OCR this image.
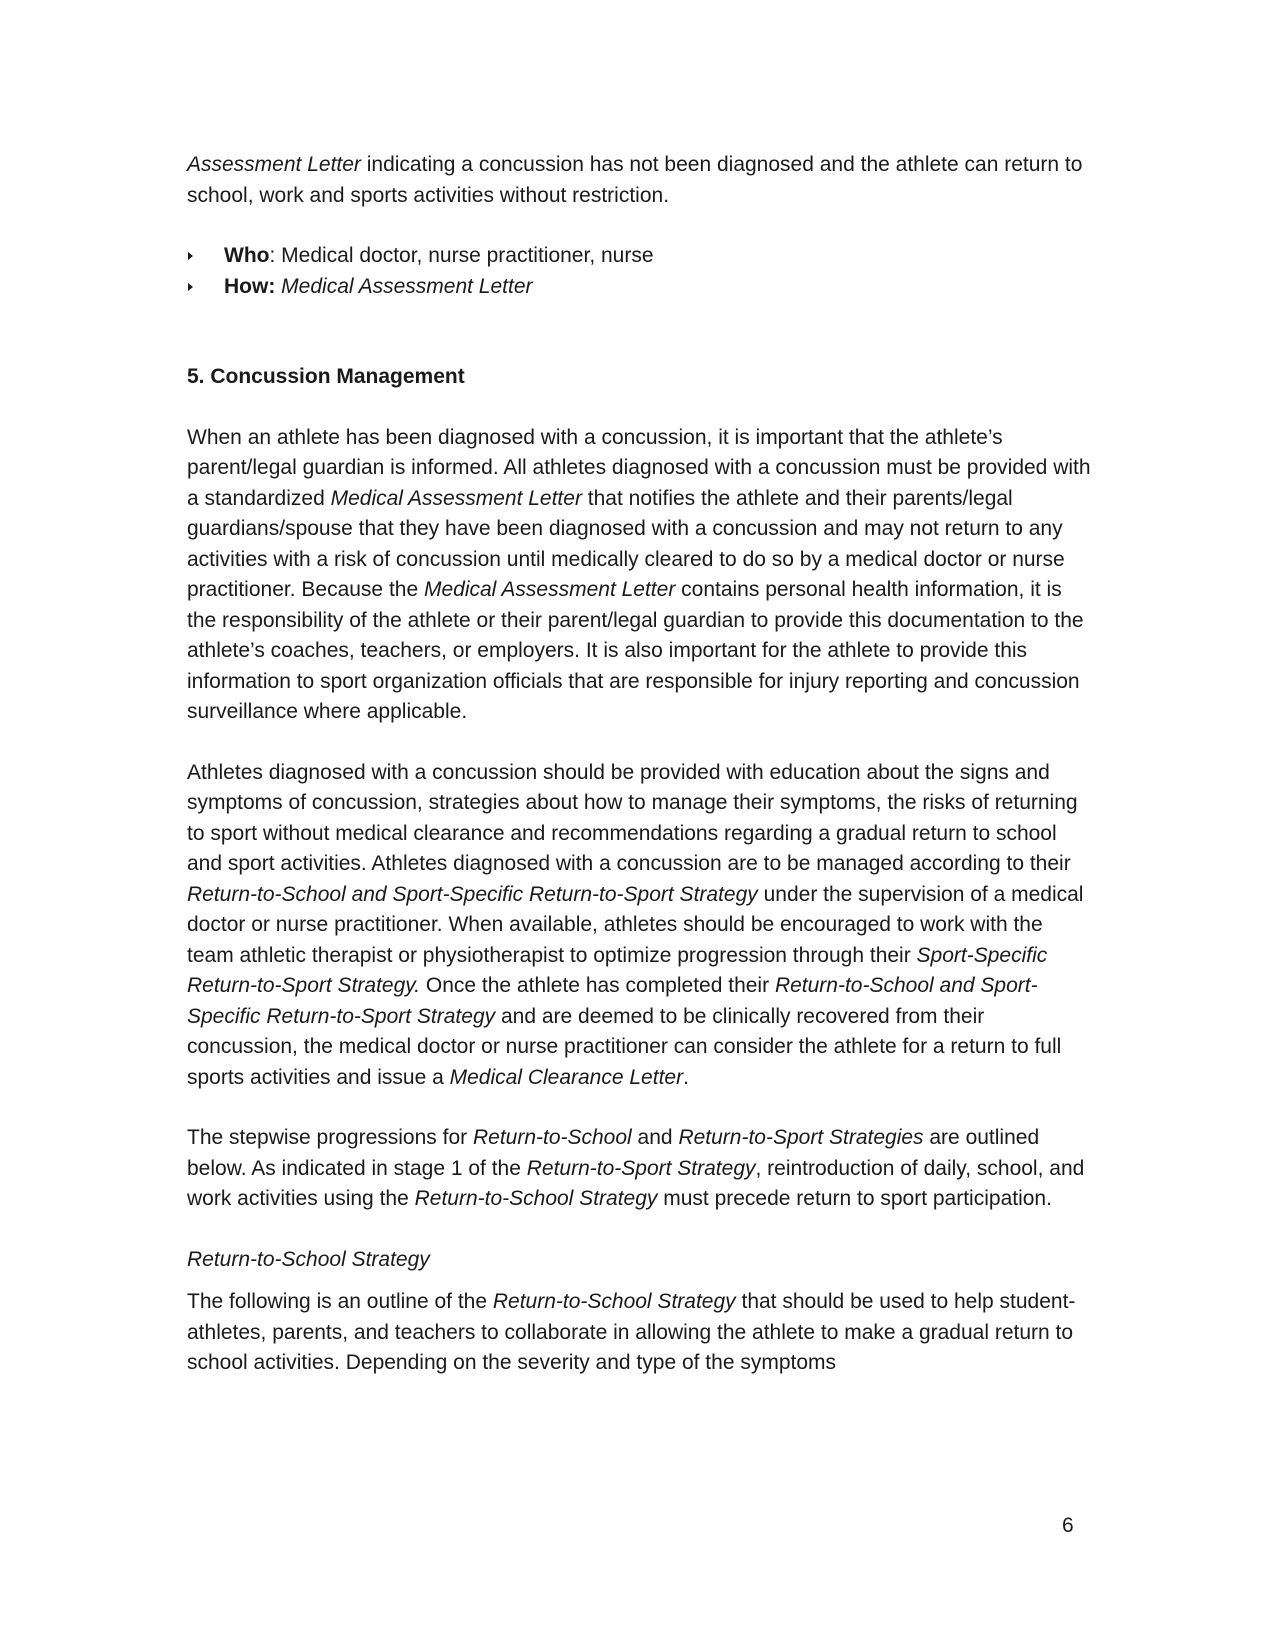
Assessment Letter indicating a concussion has not been diagnosed and the athlete can return to school, work and sports activities without restriction.

Who: Medical doctor, nurse practitioner, nurse
How: Medical Assessment Letter

5. Concussion Management

When an athlete has been diagnosed with a concussion, it is important that the athlete’s parent/legal guardian is informed. All athletes diagnosed with a concussion must be provided with a standardized Medical Assessment Letter that notifies the athlete and their parents/legal guardians/spouse that they have been diagnosed with a concussion and may not return to any activities with a risk of concussion until medically cleared to do so by a medical doctor or nurse practitioner. Because the Medical Assessment Letter contains personal health information, it is the responsibility of the athlete or their parent/legal guardian to provide this documentation to the athlete’s coaches, teachers, or employers. It is also important for the athlete to provide this information to sport organization officials that are responsible for injury reporting and concussion surveillance where applicable.

Athletes diagnosed with a concussion should be provided with education about the signs and symptoms of concussion, strategies about how to manage their symptoms, the risks of returning to sport without medical clearance and recommendations regarding a gradual return to school and sport activities. Athletes diagnosed with a concussion are to be managed according to their Return-to-School and Sport-Specific Return-to-Sport Strategy under the supervision of a medical doctor or nurse practitioner. When available, athletes should be encouraged to work with the team athletic therapist or physiotherapist to optimize progression through their Sport-Specific Return-to-Sport Strategy. Once the athlete has completed their Return-to-School and Sport-Specific Return-to-Sport Strategy and are deemed to be clinically recovered from their concussion, the medical doctor or nurse practitioner can consider the athlete for a return to full sports activities and issue a Medical Clearance Letter.

The stepwise progressions for Return-to-School and Return-to-Sport Strategies are outlined below. As indicated in stage 1 of the Return-to-Sport Strategy, reintroduction of daily, school, and work activities using the Return-to-School Strategy must precede return to sport participation.

Return-to-School Strategy

The following is an outline of the Return-to-School Strategy that should be used to help student-athletes, parents, and teachers to collaborate in allowing the athlete to make a gradual return to school activities. Depending on the severity and type of the symptoms

6
